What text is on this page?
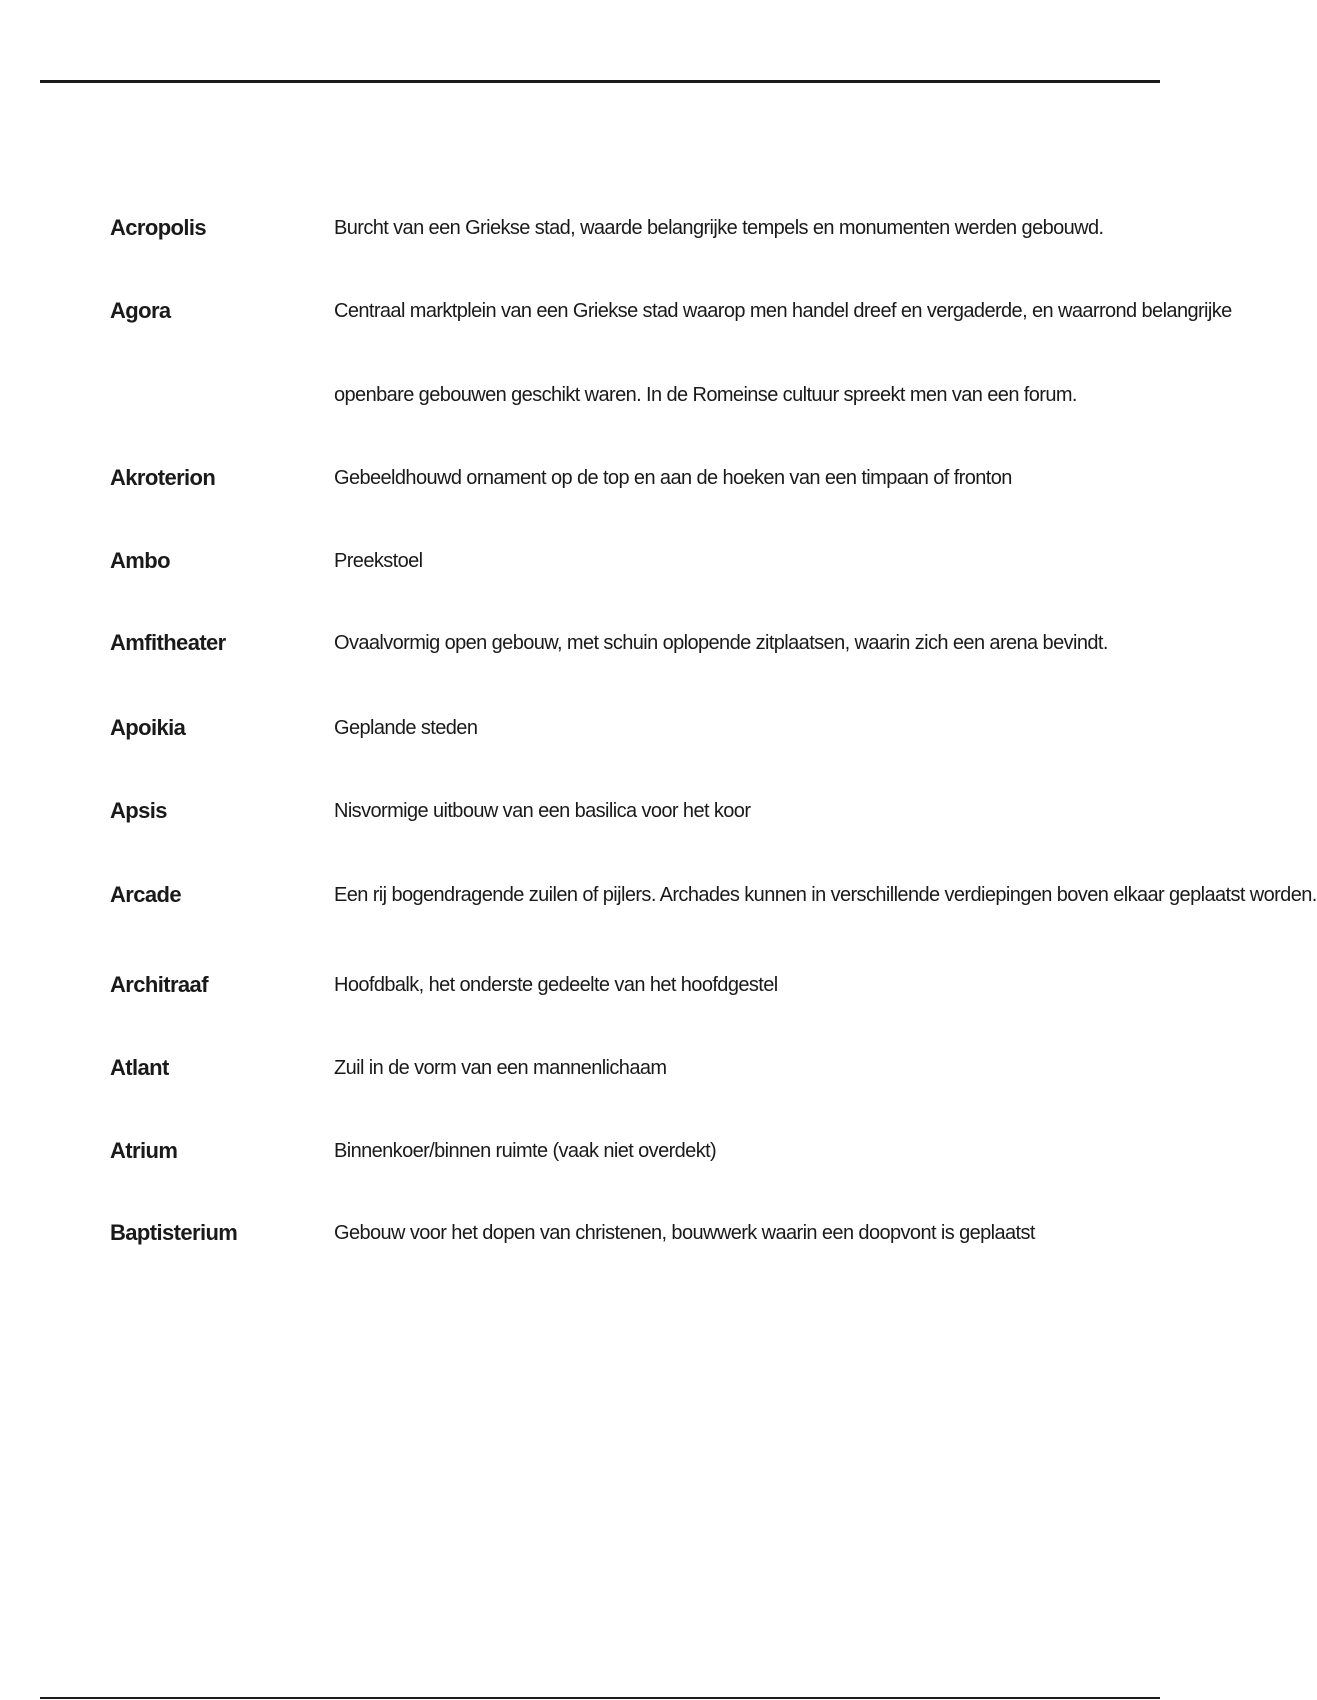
Acropolis	Burcht van een Griekse stad, waarde belangrijke tempels en monumenten werden gebouwd.
Agora	Centraal marktplein van een Griekse stad waarop men handel dreef en vergaderde, en waarrond belangrijke
openbare gebouwen geschikt waren. In de Romeinse cultuur spreekt men van een forum.
Akroterion	Gebeeldhouwd ornament op de top en aan de hoeken van een timpaan of fronton
Ambo	Preekstoel
Amfitheater	Ovaalvormig open gebouw, met schuin oplopende zitplaatsen, waarin zich een arena bevindt.
Apoikia	Geplande steden
Apsis	Nisvormige uitbouw van een basilica voor het koor
Arcade	Een rij bogendragende zuilen of pijlers. Archades kunnen in verschillende verdiepingen boven elkaar geplaatst worden.
Architraaf	Hoofdbalk, het onderste gedeelte van het hoofdgestel
Atlant	Zuil in de vorm van een mannenlichaam
Atrium	Binnenkoer/binnen ruimte (vaak niet overdekt)
Baptisterium	Gebouw voor het dopen van christenen, bouwwerk waarin een doopvont is geplaatst
